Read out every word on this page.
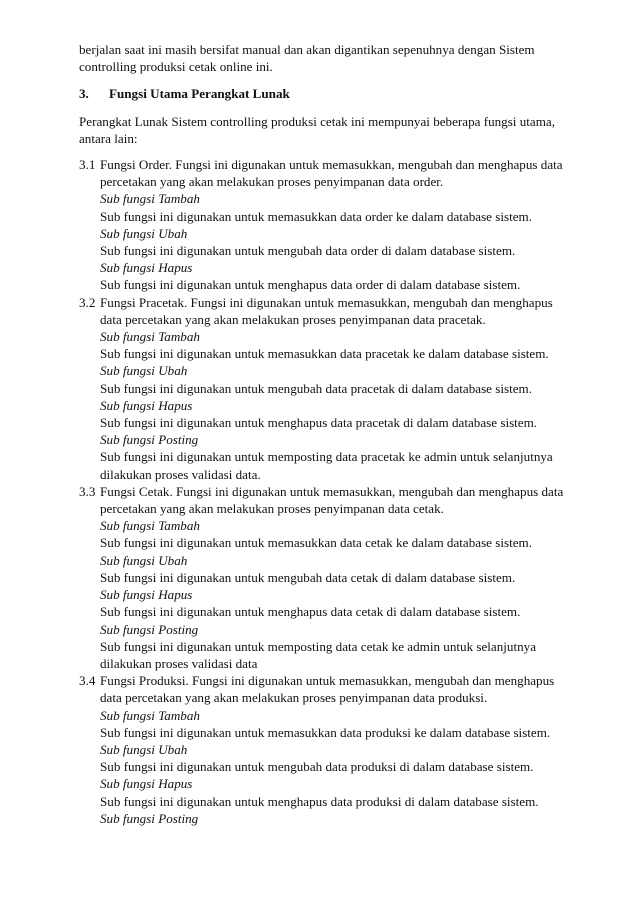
berjalan saat ini masih bersifat manual dan akan digantikan sepenuhnya dengan Sistem controlling produksi cetak online ini.

3.	Fungsi Utama Perangkat Lunak

Perangkat Lunak Sistem controlling produksi cetak ini mempunyai beberapa fungsi utama, antara lain:

3.1 Fungsi Order. Fungsi ini digunakan untuk memasukkan, mengubah dan menghapus data percetakan yang akan melakukan proses penyimpanan data order.

Sub fungsi Tambah

Sub fungsi ini digunakan untuk memasukkan data order ke dalam database sistem.

Sub fungsi Ubah

Sub fungsi ini digunakan untuk mengubah data order di dalam database sistem.

Sub fungsi Hapus

Sub fungsi ini digunakan untuk menghapus data order di dalam database sistem.

3.2 Fungsi Pracetak. Fungsi ini digunakan untuk memasukkan, mengubah dan menghapus data percetakan yang akan melakukan proses penyimpanan data pracetak.

Sub fungsi Tambah

Sub fungsi ini digunakan untuk memasukkan data pracetak ke dalam database sistem.

Sub fungsi Ubah

Sub fungsi ini digunakan untuk mengubah data pracetak di dalam database sistem.

Sub fungsi Hapus

Sub fungsi ini digunakan untuk menghapus data pracetak di dalam database sistem.

Sub fungsi Posting

Sub fungsi ini digunakan untuk memposting data pracetak ke admin untuk selanjutnya dilakukan proses validasi data.

3.3 Fungsi Cetak. Fungsi ini digunakan untuk memasukkan, mengubah dan menghapus data percetakan yang akan melakukan proses penyimpanan data cetak.

Sub fungsi Tambah

Sub fungsi ini digunakan untuk memasukkan data cetak ke dalam database sistem.

Sub fungsi Ubah

Sub fungsi ini digunakan untuk mengubah data cetak di dalam database sistem.

Sub fungsi Hapus

Sub fungsi ini digunakan untuk menghapus data cetak di dalam database sistem.

Sub fungsi Posting

Sub fungsi ini digunakan untuk memposting data cetak ke admin untuk selanjutnya dilakukan proses validasi data

3.4 Fungsi Produksi. Fungsi ini digunakan untuk memasukkan, mengubah dan menghapus data percetakan yang akan melakukan proses penyimpanan data produksi.

Sub fungsi Tambah

Sub fungsi ini digunakan untuk memasukkan data produksi ke dalam database sistem.

Sub fungsi Ubah

Sub fungsi ini digunakan untuk mengubah data produksi di dalam database sistem.

Sub fungsi Hapus

Sub fungsi ini digunakan untuk menghapus data produksi di dalam database sistem.

Sub fungsi Posting
